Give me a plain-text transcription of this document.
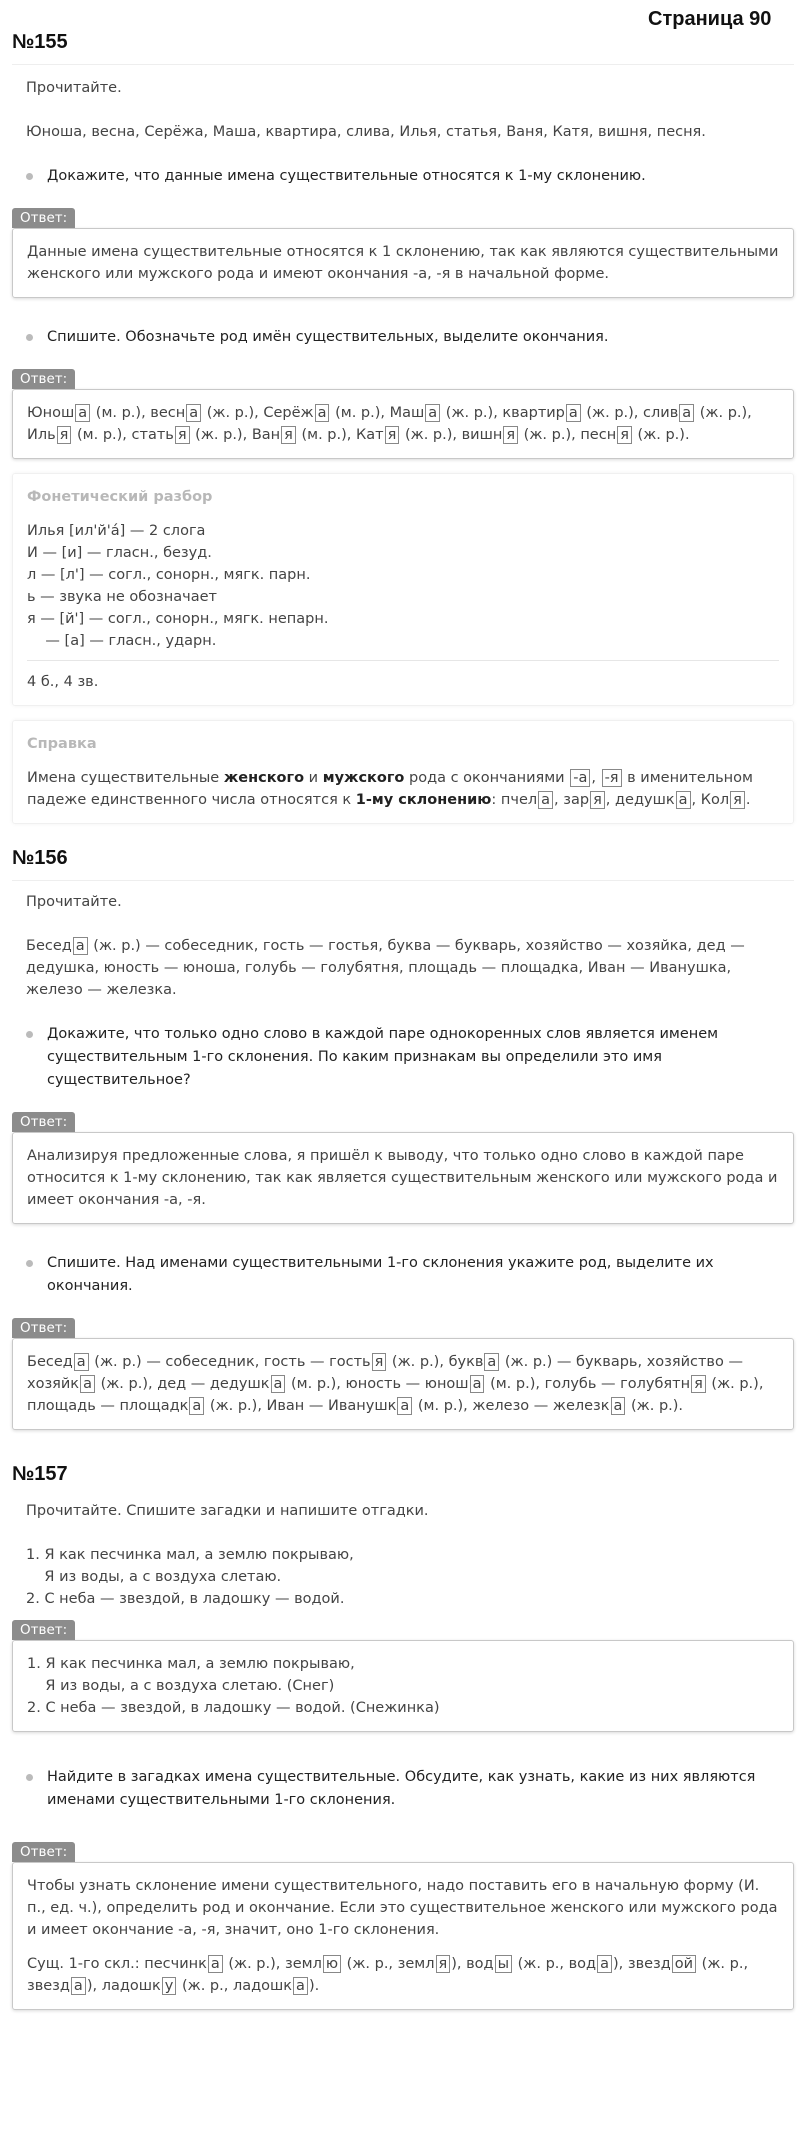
Страница 90
№155

Прочитайте.

Юноша, весна, Серёжа, Маша, квартира, слива, Илья, статья, Ваня, Катя, вишня, песня.

Докажите, что данные имена существительные относятся к 1-му склонению.
Ответ:
Данные имена существительные относятся к 1 склонению, так как являются существительными женского или мужского рода и имеют окончания -а, -я в начальной форме.
Спишите. Обозначьте род имён существительных, выделите окончания.
Ответ:
Юнош а (м. р.), весн а (ж. р.), Серёж а (м. р.), Маш а (ж. р.), квартир а (ж. р.), слив а (ж. р.), Иль я (м. р.), стать я (ж. р.), Ван я (м. р.), Кат я (ж. р.), вишн я (ж. р.), песн я (ж. р.).
Фонетический разбор
Илья [ил'й'а́] — 2 слога
И — [и] — гласн., безуд.
л — [л'] — согл., сонорн., мягк. парн.
ь — звука не обозначает
я — [й'] — согл., сонорн., мягк. непарн.
— [а] — гласн., ударн.
4 б., 4 зв.
Справка
Имена существительные женского и мужского рода с окончаниями -а , -я в именительном падеже единственного числа относятся к 1-му склонению: пчел а , зар я , дедушк а , Кол я .
№156

Прочитайте.

Бесед а (ж. р.) — собеседник, гость — гостья, буква — букварь, хозяйство — хозяйка, дед — дедушка, юность — юноша, голубь — голубятня, площадь — площадка, Иван — Иванушка, железо — железка.

Докажите, что только одно слово в каждой паре однокоренных слов является именем существительным 1-го склонения. По каким признакам вы определили это имя существительное?
Ответ:
Анализируя предложенные слова, я пришёл к выводу, что только одно слово в каждой паре относится к 1-му склонению, так как является существительным женского или мужского рода и имеет окончания -а, -я.
Спишите. Над именами существительными 1-го склонения укажите род, выделите их окончания.
Ответ:
Бесед а (ж. р.) — собеседник, гость — гость я (ж. р.), букв а (ж. р.) — букварь, хозяйство — хозяйк а (ж. р.), дед — дедушк а (м. р.), юность — юнош а (м. р.), голубь — голубятн я (ж. р.), площадь — площадк а (ж. р.), Иван — Иванушк а (м. р.), железо — железк а (ж. р.).
№157

Прочитайте. Спишите загадки и напишите отгадки.

1. Я как песчинка мал, а землю покрываю,
Я из воды, а с воздуха слетаю.
2. С неба — звездой, в ладошку — водой.
Ответ:
1. Я как песчинка мал, а землю покрываю,
Я из воды, а с воздуха слетаю. (Снег)
2. С неба — звездой, в ладошку — водой. (Снежинка)
Найдите в загадках имена существительные. Обсудите, как узнать, какие из них являются именами существительными 1-го склонения.
Ответ:
Чтобы узнать склонение имени существительного, надо поставить его в начальную форму (И. п., ед. ч.), определить род и окончание. Если это существительное женского или мужского рода и имеет окончание -а, -я, значит, оно 1-го склонения.
Сущ. 1-го скл.: песчинк а (ж. р.), земл ю (ж. р., земл я ), вод ы (ж. р., вод а ), звезд ой (ж. р., звезд а ), ладошк у (ж. р., ладошк а ).
